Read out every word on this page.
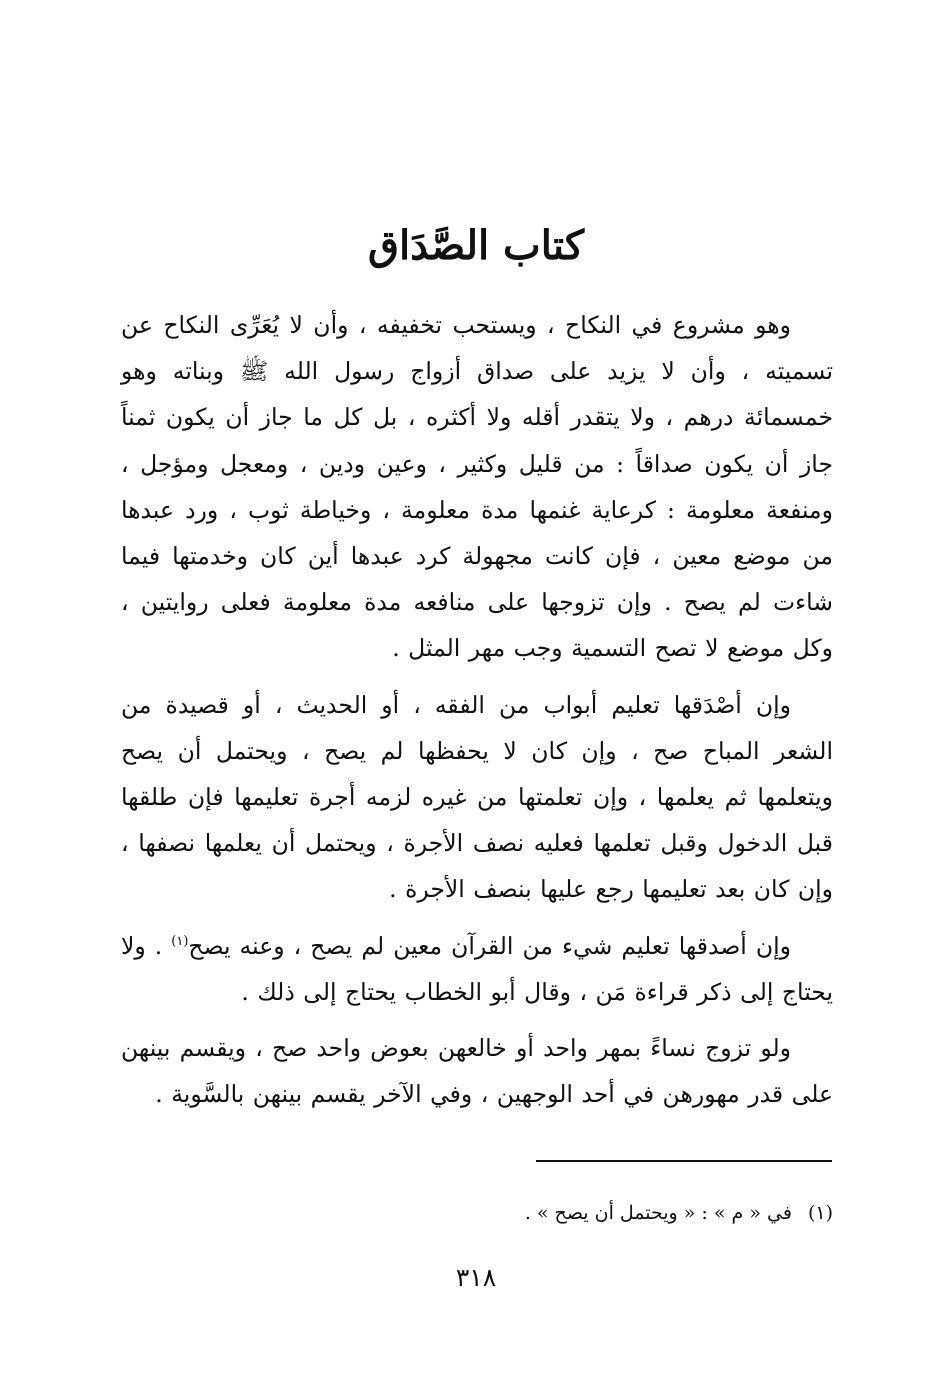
كتاب الصَّدَاق

وهو مشروع في النكاح ، ويستحب تخفيفه ، وأن لا يُعَرِّى النكاح عن تسميته ، وأن لا يزيد على صداق أزواج رسول الله ﷺ وبناته وهو خمسمائة درهم ، ولا يتقدر أقله ولا أكثره ، بل كل ما جاز أن يكون ثمناً جاز أن يكون صداقاً : من قليل وكثير ، وعين ودين ، ومعجل ومؤجل ، ومنفعة معلومة : كرعاية غنمها مدة معلومة ، وخياطة ثوب ، ورد عبدها من موضع معين ، فإن كانت مجهولة كرد عبدها أين كان وخدمتها فيما شاءت لم يصح . وإن تزوجها على منافعه مدة معلومة فعلى روايتين ، وكل موضع لا تصح التسمية وجب مهر المثل .

وإن أصْدَقها تعليم أبواب من الفقه ، أو الحديث ، أو قصيدة من الشعر المباح صح ، وإن كان لا يحفظها لم يصح ، ويحتمل أن يصح ويتعلمها ثم يعلمها ، وإن تعلمتها من غيره لزمه أجرة تعليمها فإن طلقها قبل الدخول وقبل تعلمها فعليه نصف الأجرة ، ويحتمل أن يعلمها نصفها ، وإن كان بعد تعليمها رجع عليها بنصف الأجرة .

وإن أصدقها تعليم شيء من القرآن معين لم يصح ، وعنه يصح$^{(١)}$ . ولا يحتاج إلى ذكر قراءة مَن ، وقال أبو الخطاب يحتاج إلى ذلك .

ولو تزوج نساءً بمهر واحد أو خالعهن بعوض واحد صح ، ويقسم بينهن على قدر مهورهن في أحد الوجهين ، وفي الآخر يقسم بينهن بالسَّوية .

(١)في « م » : « ويحتمل أن يصح » .

٣١٨
